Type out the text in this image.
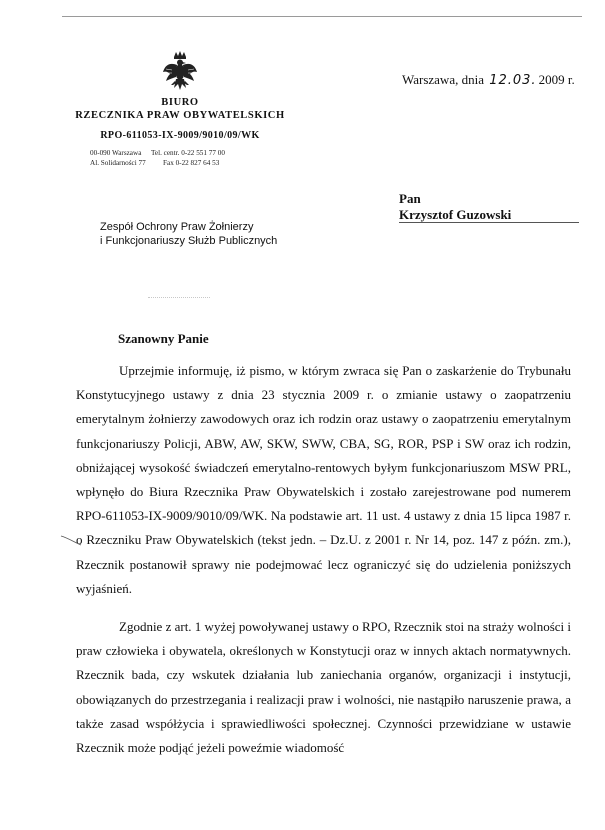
BIURO
RZECZNIKA PRAW OBYWATELSKICH
RPO-611053-IX-9009/9010/09/WK
00-090 Warszawa
Al. Solidarności 77
Tel. centr. 0-22 551 77 00
Fax 0-22 827 64 53
Warszawa, dnia 12.03. 2009 r.
Pan
Krzysztof Guzowski
Zespół Ochrony Praw Żołnierzy
i Funkcjonariuszy Służb Publicznych
Szanowny Panie

Uprzejmie informuję, iż pismo, w którym zwraca się Pan o zaskarżenie do Trybunału Konstytucyjnego ustawy z dnia 23 stycznia 2009 r. o zmianie ustawy o zaopatrzeniu emerytalnym żołnierzy zawodowych oraz ich rodzin oraz ustawy o zaopatrzeniu emerytalnym funkcjonariuszy Policji, ABW, AW, SKW, SWW, CBA, SG, ROR, PSP i SW oraz ich rodzin, obniżającej wysokość świadczeń emerytalno-rentowych byłym funkcjonariuszom MSW PRL, wpłynęło do Biura Rzecznika Praw Obywatelskich i zostało zarejestrowane pod numerem RPO-611053-IX-9009/9010/09/WK. Na podstawie art. 11 ust. 4 ustawy z dnia 15 lipca 1987 r. o Rzeczniku Praw Obywatelskich (tekst jedn. – Dz.U. z 2001 r. Nr 14, poz. 147 z późn. zm.), Rzecznik postanowił sprawy nie podejmować lecz ograniczyć się do udzielenia poniższych wyjaśnień.

Zgodnie z art. 1 wyżej powoływanej ustawy o RPO, Rzecznik stoi na straży wolności i praw człowieka i obywatela, określonych w Konstytucji oraz w innych aktach normatywnych. Rzecznik bada, czy wskutek działania lub zaniechania organów, organizacji i instytucji, obowiązanych do przestrzegania i realizacji praw i wolności, nie nastąpiło naruszenie prawa, a także zasad współżycia i sprawiedliwości społecznej. Czynności przewidziane w ustawie Rzecznik może podjąć jeżeli poweźmie wiadomość
